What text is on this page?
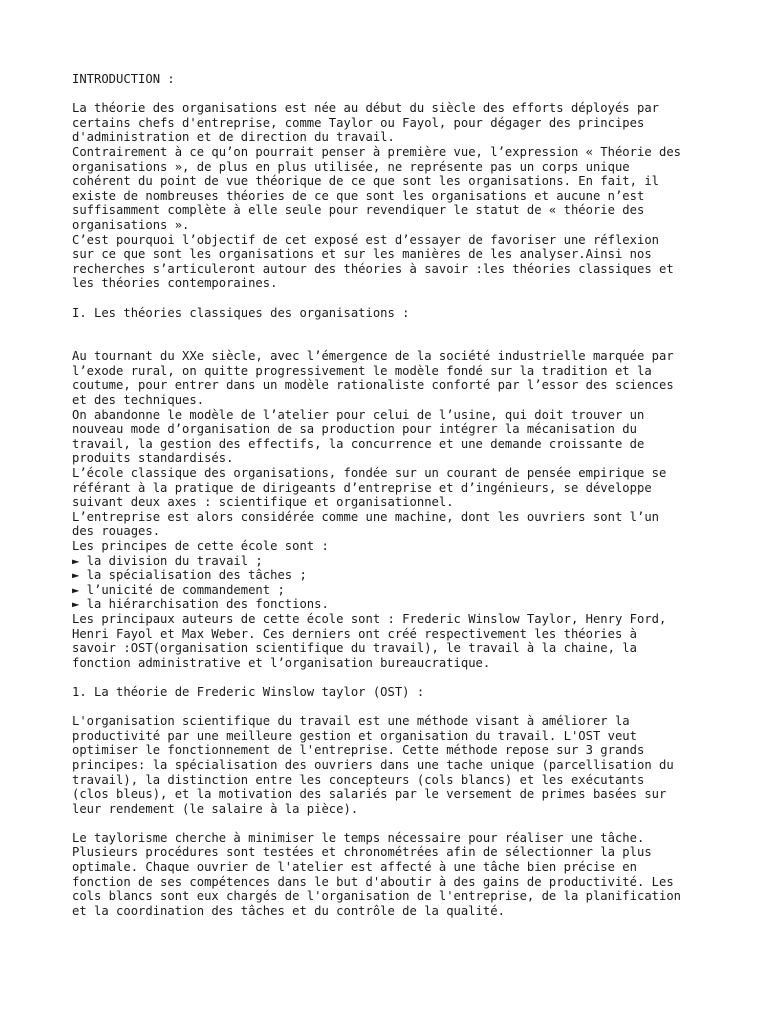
INTRODUCTION :
La théorie des organisations est née au début du siècle des efforts déployés par
certains chefs d'entreprise, comme Taylor ou Fayol, pour dégager des principes
d'administration et de direction du travail.
Contrairement à ce qu’on pourrait penser à première vue, l’expression « Théorie des
organisations », de plus en plus utilisée, ne représente pas un corps unique
cohérent du point de vue théorique de ce que sont les organisations. En fait, il
existe de nombreuses théories de ce que sont les organisations et aucune n’est
suffisamment complète à elle seule pour revendiquer le statut de « théorie des
organisations ».
C’est pourquoi l’objectif de cet exposé est d’essayer de favoriser une réflexion
sur ce que sont les organisations et sur les manières de les analyser.Ainsi nos
recherches s’articuleront autour des théories à savoir :les théories classiques et
les théories contemporaines.
I. Les théories classiques des organisations :
Au tournant du XXe siècle, avec l’émergence de la société industrielle marquée par
l’exode rural, on quitte progressivement le modèle fondé sur la tradition et la
coutume, pour entrer dans un modèle rationaliste conforté par l’essor des sciences
et des techniques.
On abandonne le modèle de l’atelier pour celui de l’usine, qui doit trouver un
nouveau mode d’organisation de sa production pour intégrer la mécanisation du
travail, la gestion des effectifs, la concurrence et une demande croissante de
produits standardisés.
L’école classique des organisations, fondée sur un courant de pensée empirique se
référant à la pratique de dirigeants d’entreprise et d’ingénieurs, se développe
suivant deux axes : scientifique et organisationnel.
L’entreprise est alors considérée comme une machine, dont les ouvriers sont l’un
des rouages.
Les principes de cette école sont :
► la division du travail ;
► la spécialisation des tâches ;
► l’unicité de commandement ;
► la hiérarchisation des fonctions.
Les principaux auteurs de cette école sont : Frederic Winslow Taylor, Henry Ford,
Henri Fayol et Max Weber. Ces derniers ont créé respectivement les théories à
savoir :OST(organisation scientifique du travail), le travail à la chaine, la
fonction administrative et l’organisation bureaucratique.
1. La théorie de Frederic Winslow taylor (OST) :
L'organisation scientifique du travail est une méthode visant à améliorer la
productivité par une meilleure gestion et organisation du travail. L'OST veut
optimiser le fonctionnement de l'entreprise. Cette méthode repose sur 3 grands
principes: la spécialisation des ouvriers dans une tache unique (parcellisation du
travail), la distinction entre les concepteurs (cols blancs) et les exécutants
(clos bleus), et la motivation des salariés par le versement de primes basées sur
leur rendement (le salaire à la pièce).
Le taylorisme cherche à minimiser le temps nécessaire pour réaliser une tâche.
Plusieurs procédures sont testées et chronométrées afin de sélectionner la plus
optimale. Chaque ouvrier de l'atelier est affecté à une tâche bien précise en
fonction de ses compétences dans le but d'aboutir à des gains de productivité. Les
cols blancs sont eux chargés de l'organisation de l'entreprise, de la planification
et la coordination des tâches et du contrôle de la qualité.
